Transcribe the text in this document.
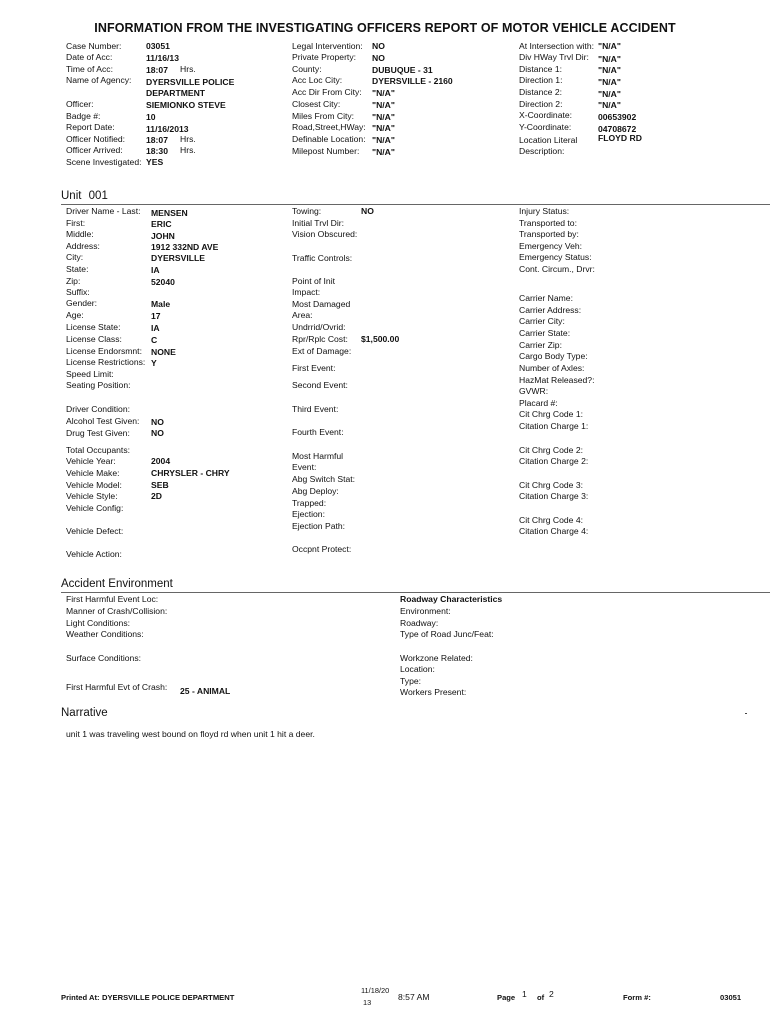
INFORMATION FROM THE INVESTIGATING OFFICERS REPORT OF MOTOR VEHICLE ACCIDENT
Case Number:	03051
Date of Acc:	11/16/13
Time of Acc:	18:07 Hrs.
Name of Agency: DYERSVILLE POLICE
DEPARTMENT
Officer:	SIEMIONKO STEVE
Badge #:	10
Report Date:	11/16/2013
Officer Notified: 18:07 Hrs.
Officer Arrived:	18:30 Hrs.
Scene Investigated: YES
Legal Intervention: NO
Private Property: NO
County:	DUBUQUE - 31
Acc Loc City:	DYERSVILLE - 2160
Acc Dir From City: "N/A"
Closest City:	"N/A"
Miles From City: "N/A"
Road,Street,HWay: "N/A"
Definable Location: "N/A"
Milepost Number: "N/A"
At Intersection with: "N/A"
Div HWay Trvl Dir: "N/A"
Distance 1:	"N/A"
Direction 1:	"N/A"
Distance 2:	"N/A"
Direction 2:	"N/A"
X-Coordinate:	00653902
Y-Coordinate:	04708672
Location Literal
Description:
FLOYD RD
Unit 001
Driver Name - Last: MENSEN
First:	ERIC
Middle:	JOHN
Address:	1912 332ND AVE
City:	DYERSVILLE
State:	IA
Zip:	52040
Suffix:
Gender:	Male
Age:	17
License State:	IA
License Class:	C
License Endorsmnt: NONE
License Restrictions: Y
Speed Limit:
Seating Position:
Driver Condition:
Alcohol Test Given: NO
Drug Test Given: NO
Total Occupants:
Vehicle Year:	2004
Vehicle Make:	CHRYSLER - CHRY
Vehicle Model:	SEB
Vehicle Style:	2D
Vehicle Config:
Vehicle Defect:
Vehicle Action:
Towing:	NO
Initial Trvl Dir:
Vision Obscured:
Traffic Controls:
Point of Init
Impact:
Most Damaged
Area:
Undrrid/Ovrid:
Rpr/Rplc Cost: $1,500.00
Ext of Damage:
First Event:
Second Event:
Third Event:
Fourth Event:
Most Harmful
Event:
Abg Switch Stat:
Abg Deploy:
Trapped:
Ejection:
Ejection Path:
Occpnt Protect:
Injury Status:
Transported to:
Transported by:
Emergency Veh:
Emergency Status:
Cont. Circum., Drvr:
Carrier Name:
Carrier Address:
Carrier City:
Carrier State:
Carrier Zip:
Cargo Body Type:
Number of Axles:
HazMat Released?:
GVWR:
Placard #:
Cit Chrg Code 1:
Citation Charge 1:
Cit Chrg Code 2:
Citation Charge 2:
Cit Chrg Code 3:
Citation Charge 3:
Cit Chrg Code 4:
Citation Charge 4:
Accident Environment
First Harmful Event Loc:
Manner of Crash/Collision:
Light Conditions:
Weather Conditions:
Surface Conditions:
First Harmful Evt of Crash: 25 - ANIMAL
Roadway Characteristics
Environment:
Roadway:
Type of Road Junc/Feat:
Workzone Related:
Location:
Type:
Workers Present:
Narrative
unit 1 was traveling west bound on floyd rd when unit 1 hit a deer.
Printed At: DYERSVILLE POLICE DEPARTMENT
11/18/20
13
8:57 AM	Page 1 of 2	Form #:	03051
